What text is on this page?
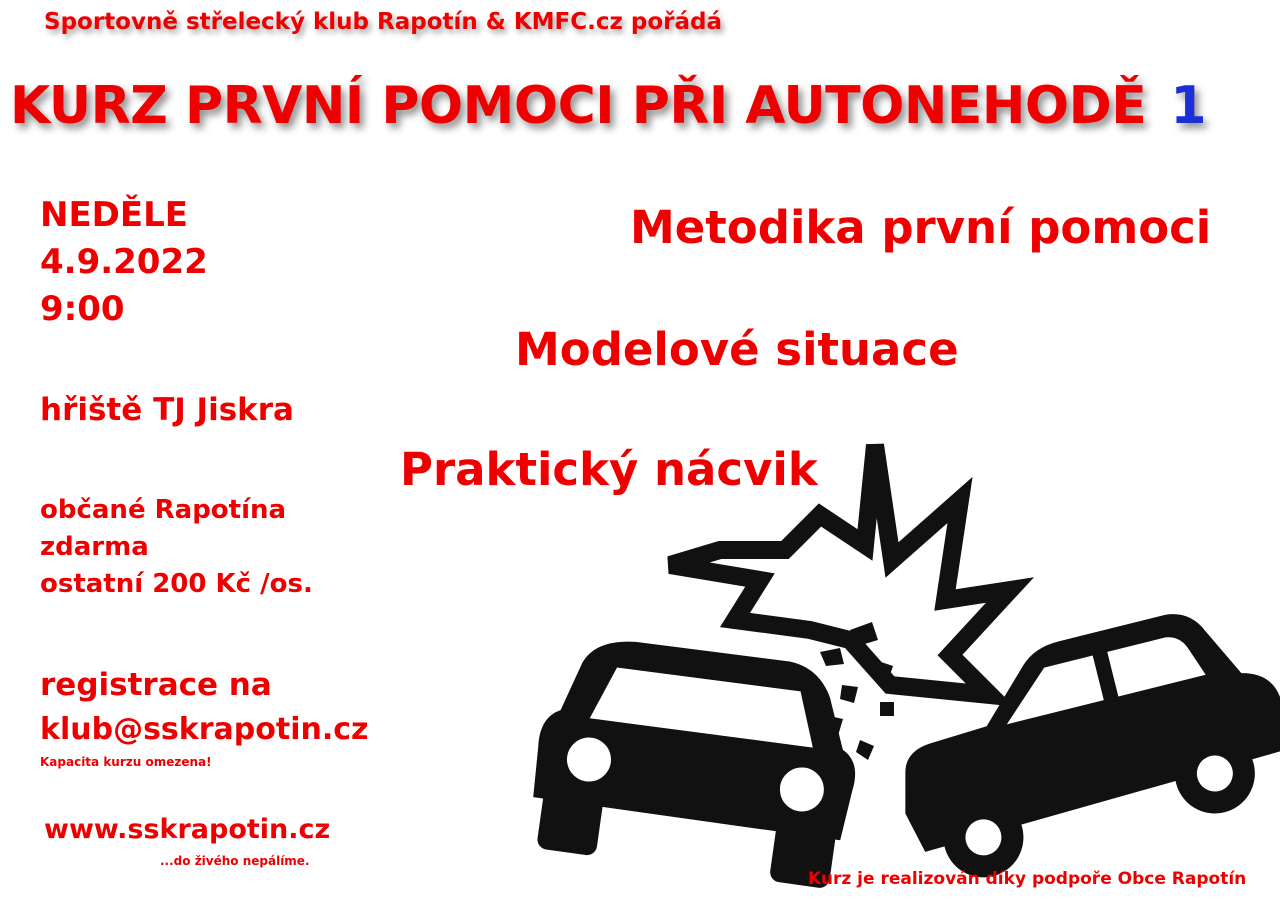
Sportovně střelecký klub Rapotín & KMFC.cz pořádá

KURZ PRVNÍ POMOCI PŘI AUTONEHODĚ 1
NEDĚLE
4.9.2022
9:00
hřiště TJ Jiskra
občané Rapotína
zdarma
ostatní 200 Kč /os.
registrace na
klub@sskrapotin.cz
Kapacita kurzu omezena!
www.sskrapotin.cz
...do živého nepálíme.
Metodika první pomoci
Modelové situace
Praktický nácvik
Kurz je realizován díky podpoře Obce Rapotín
